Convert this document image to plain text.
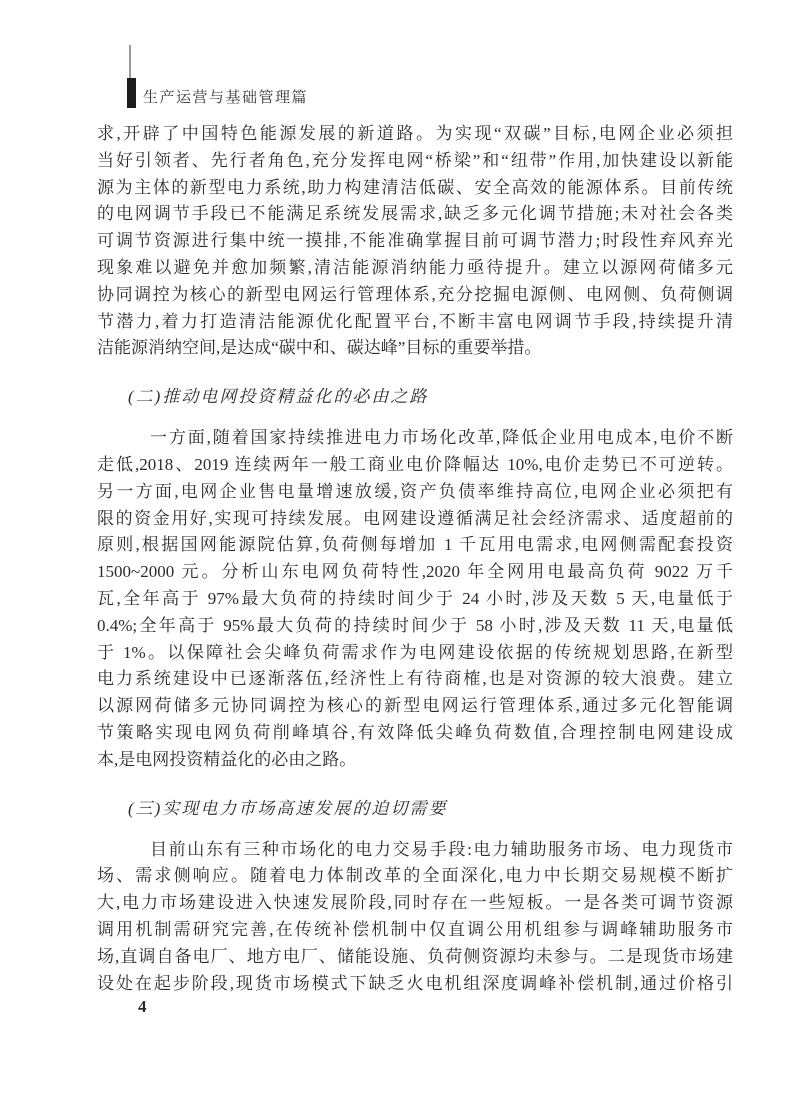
生产运营与基础管理篇
求,开辟了中国特色能源发展的新道路。为实现“双碳”目标,电网企业必须担
当好引领者、先行者角色,充分发挥电网“桥梁”和“纽带”作用,加快建设以新能
源为主体的新型电力系统,助力构建清洁低碳、安全高效的能源体系。目前传统
的电网调节手段已不能满足系统发展需求,缺乏多元化调节措施;未对社会各类
可调节资源进行集中统一摸排,不能准确掌握目前可调节潜力;时段性弃风弃光
现象难以避免并愈加频繁,清洁能源消纳能力亟待提升。建立以源网荷储多元
协同调控为核心的新型电网运行管理体系,充分挖掘电源侧、电网侧、负荷侧调
节潜力,着力打造清洁能源优化配置平台,不断丰富电网调节手段,持续提升清
洁能源消纳空间,是达成“碳中和、碳达峰”目标的重要举措。
(二)推动电网投资精益化的必由之路
一方面,随着国家持续推进电力市场化改革,降低企业用电成本,电价不断
走低,2018、2019 连续两年一般工商业电价降幅达 10%,电价走势已不可逆转。
另一方面,电网企业售电量增速放缓,资产负债率维持高位,电网企业必须把有
限的资金用好,实现可持续发展。电网建设遵循满足社会经济需求、适度超前的
原则,根据国网能源院估算,负荷侧每增加 1 千瓦用电需求,电网侧需配套投资
1500~2000 元。分析山东电网负荷特性,2020 年全网用电最高负荷 9022 万千
瓦,全年高于 97%最大负荷的持续时间少于 24 小时,涉及天数 5 天,电量低于
0.4%;全年高于 95%最大负荷的持续时间少于 58 小时,涉及天数 11 天,电量低
于 1%。以保障社会尖峰负荷需求作为电网建设依据的传统规划思路,在新型
电力系统建设中已逐渐落伍,经济性上有待商榷,也是对资源的较大浪费。建立
以源网荷储多元协同调控为核心的新型电网运行管理体系,通过多元化智能调
节策略实现电网负荷削峰填谷,有效降低尖峰负荷数值,合理控制电网建设成
本,是电网投资精益化的必由之路。
(三)实现电力市场高速发展的迫切需要
目前山东有三种市场化的电力交易手段:电力辅助服务市场、电力现货市
场、需求侧响应。随着电力体制改革的全面深化,电力中长期交易规模不断扩
大,电力市场建设进入快速发展阶段,同时存在一些短板。一是各类可调节资源
调用机制需研究完善,在传统补偿机制中仅直调公用机组参与调峰辅助服务市
场,直调自备电厂、地方电厂、储能设施、负荷侧资源均未参与。二是现货市场建
设处在起步阶段,现货市场模式下缺乏火电机组深度调峰补偿机制,通过价格引
4
